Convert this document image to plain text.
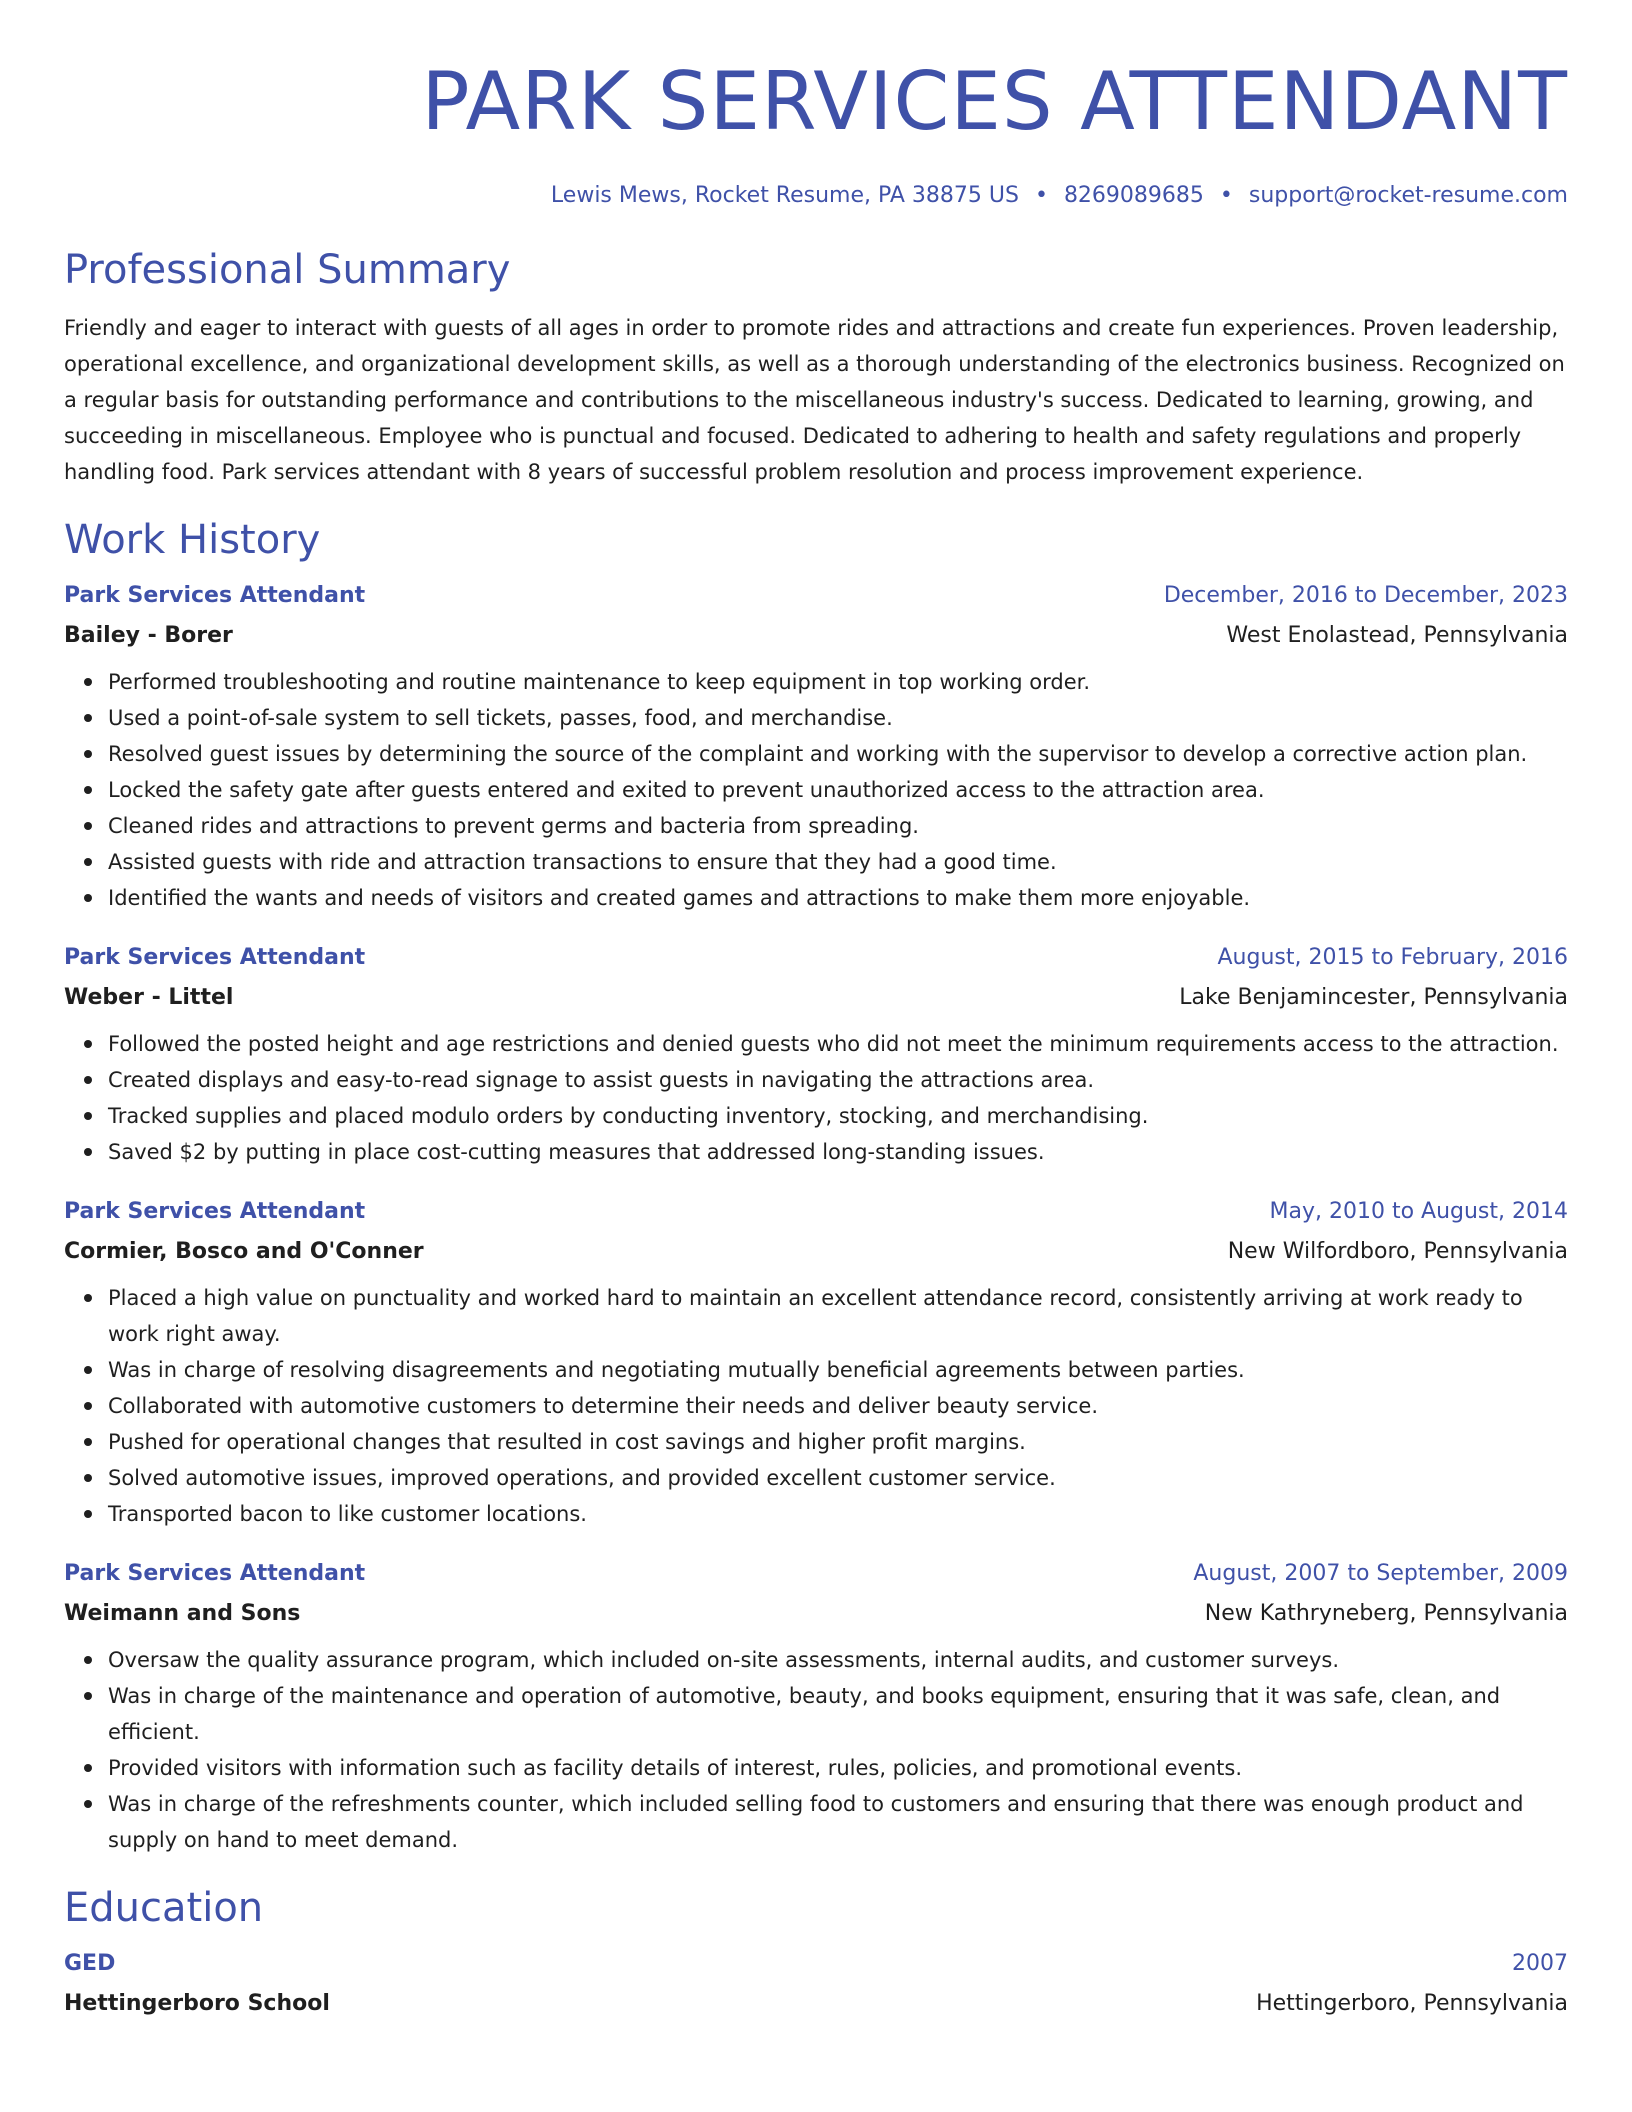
PARK SERVICES ATTENDANT
Lewis Mews, Rocket Resume, PA 38875 US • 8269089685 • support@rocket-resume.com
Professional Summary

Friendly and eager to interact with guests of all ages in order to promote rides and attractions and create fun experiences. Proven leadership, operational excellence, and organizational development skills, as well as a thorough understanding of the electronics business. Recognized on a regular basis for outstanding performance and contributions to the miscellaneous industry's success. Dedicated to learning, growing, and succeeding in miscellaneous. Employee who is punctual and focused. Dedicated to adhering to health and safety regulations and properly handling food. Park services attendant with 8 years of successful problem resolution and process improvement experience.

Work History
Park Services Attendant	December, 2016 to December, 2023
Bailey - Borer	West Enolastead, Pennsylvania
Performed troubleshooting and routine maintenance to keep equipment in top working order.
Used a point-of-sale system to sell tickets, passes, food, and merchandise.
Resolved guest issues by determining the source of the complaint and working with the supervisor to develop a corrective action plan.
Locked the safety gate after guests entered and exited to prevent unauthorized access to the attraction area.
Cleaned rides and attractions to prevent germs and bacteria from spreading.
Assisted guests with ride and attraction transactions to ensure that they had a good time.
Identified the wants and needs of visitors and created games and attractions to make them more enjoyable.
Park Services Attendant	August, 2015 to February, 2016
Weber - Littel	Lake Benjamincester, Pennsylvania
Followed the posted height and age restrictions and denied guests who did not meet the minimum requirements access to the attraction.
Created displays and easy-to-read signage to assist guests in navigating the attractions area.
Tracked supplies and placed modulo orders by conducting inventory, stocking, and merchandising.
Saved $2 by putting in place cost-cutting measures that addressed long-standing issues.
Park Services Attendant	May, 2010 to August, 2014
Cormier, Bosco and O'Conner	New Wilfordboro, Pennsylvania
Placed a high value on punctuality and worked hard to maintain an excellent attendance record, consistently arriving at work ready to work right away.
Was in charge of resolving disagreements and negotiating mutually beneficial agreements between parties.
Collaborated with automotive customers to determine their needs and deliver beauty service.
Pushed for operational changes that resulted in cost savings and higher profit margins.
Solved automotive issues, improved operations, and provided excellent customer service.
Transported bacon to like customer locations.
Park Services Attendant	August, 2007 to September, 2009
Weimann and Sons	New Kathryneberg, Pennsylvania
Oversaw the quality assurance program, which included on-site assessments, internal audits, and customer surveys.
Was in charge of the maintenance and operation of automotive, beauty, and books equipment, ensuring that it was safe, clean, and efficient.
Provided visitors with information such as facility details of interest, rules, policies, and promotional events.
Was in charge of the refreshments counter, which included selling food to customers and ensuring that there was enough product and supply on hand to meet demand.
Education
GED	2007
Hettingerboro School	Hettingerboro, Pennsylvania
